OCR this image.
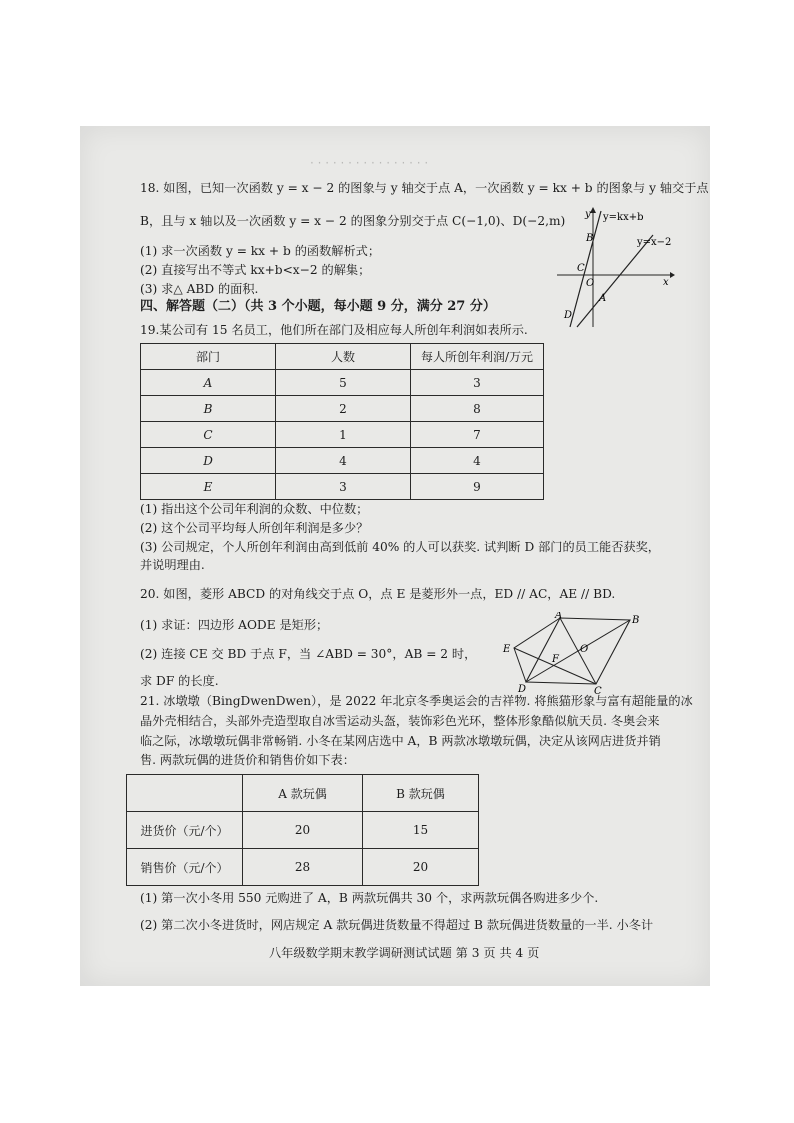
· · · · · · · · · · · · · · · ·
18. 如图，已知一次函数 y = x − 2 的图象与 y 轴交于点 A，一次函数 y = kx + b 的图象与 y 轴交于点
B，且与 x 轴以及一次函数 y = x − 2 的图象分别交于点 C(−1,0)、D(−2,m)
(1) 求一次函数 y = kx + b 的函数解析式；
(2) 直接写出不等式 kx+b<x−2 的解集；
(3) 求△ ABD 的面积.
y y=kx+b
y=x−2
x
B
C
O
A
D
四、解答题（二）（共 3 个小题，每小题 9 分，满分 27 分）
19.某公司有 15 名员工，他们所在部门及相应每人所创年利润如表所示.
部门	人数	每人所创年利润/万元
A	5	3
B	2	8
C	1	7
D	4	4
E	3	9
(1) 指出这个公司年利润的众数、中位数；
(2) 这个公司平均每人所创年利润是多少？
(3) 公司规定，个人所创年利润由高到低前 40% 的人可以获奖. 试判断 D 部门的员工能否获奖，
并说明理由.
20. 如图，菱形 ABCD 的对角线交于点 O，点 E 是菱形外一点，ED // AC，AE // BD.
(1) 求证：四边形 AODE 是矩形；
(2) 连接 CE 交 BD 于点 F，当 ∠ABD = 30°，AB = 2 时，
求 DF 的长度.
A	B
E	O
F
D	C
21. 冰墩墩（BingDwenDwen），是 2022 年北京冬季奥运会的吉祥物. 将熊猫形象与富有超能量的冰
晶外壳相结合，头部外壳造型取自冰雪运动头盔，装饰彩色光环，整体形象酷似航天员. 冬奥会来
临之际，冰墩墩玩偶非常畅销. 小冬在某网店选中 A，B 两款冰墩墩玩偶，决定从该网店进货并销
售. 两款玩偶的进货价和销售价如下表：
	A 款玩偶	B 款玩偶
进货价（元/个）	20	15
销售价（元/个）	28	20
(1) 第一次小冬用 550 元购进了 A，B 两款玩偶共 30 个，求两款玩偶各购进多少个.
(2) 第二次小冬进货时，网店规定 A 款玩偶进货数量不得超过 B 款玩偶进货数量的一半. 小冬计
八年级数学期末教学调研测试试题 第 3 页 共 4 页
